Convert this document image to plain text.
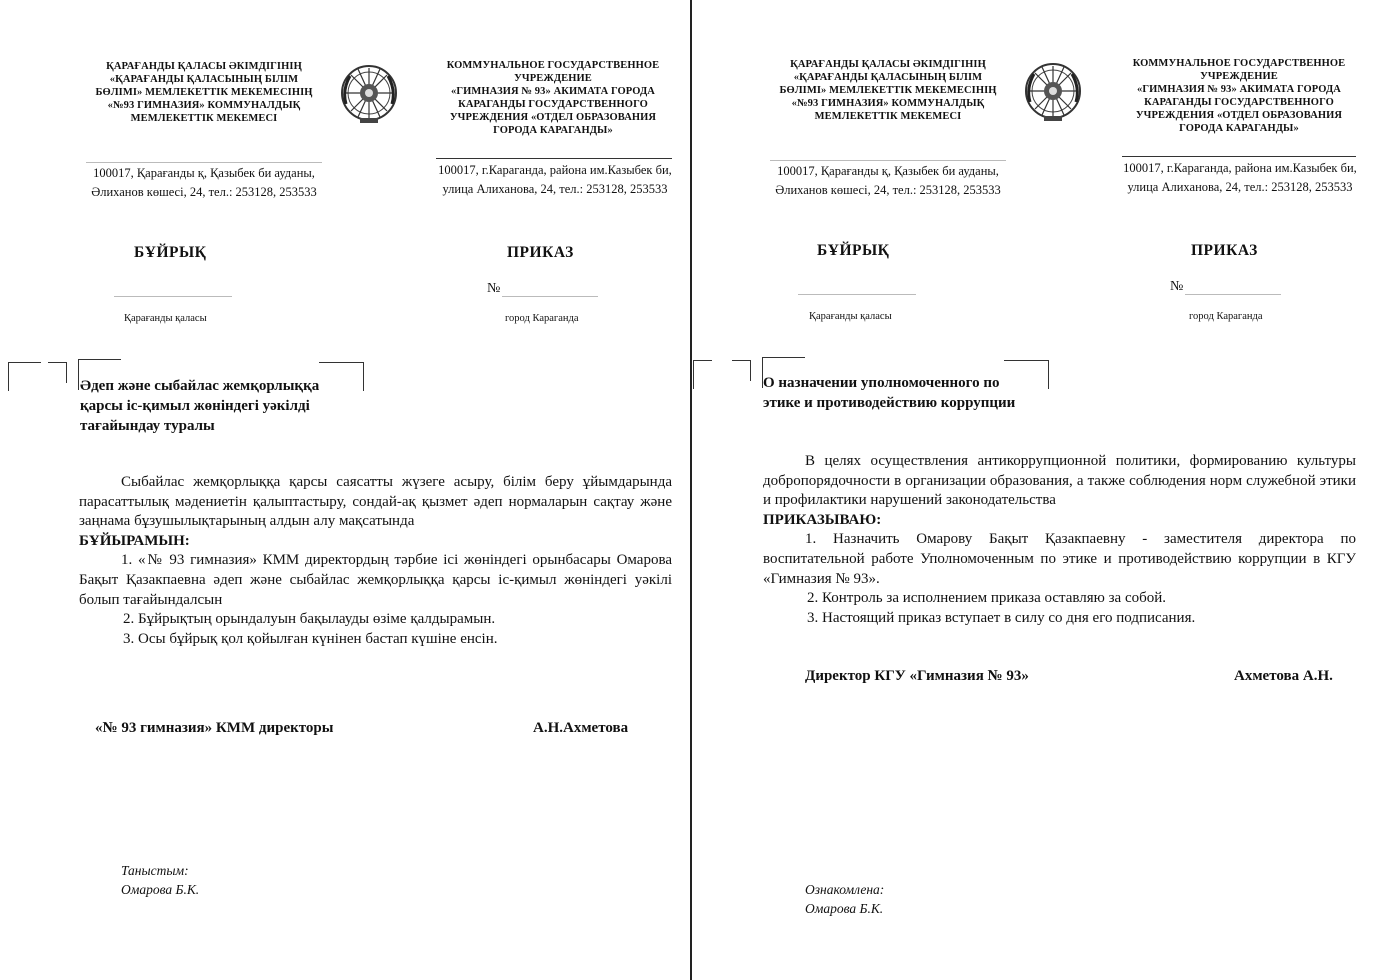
ҚАРАҒАНДЫ ҚАЛАСЫ ӘКІМДІГІНІҢ
«ҚАРАҒАНДЫ ҚАЛАСЫНЫҢ БІЛІМ
БӨЛІМІ» МЕМЛЕКЕТТІК МЕКЕМЕСІНІҢ
«№93 ГИМНАЗИЯ» КОММУНАЛДЫҚ
МЕМЛЕКЕТТІК МЕКЕМЕСІ
КОММУНАЛЬНОЕ ГОСУДАРСТВЕННОЕ
УЧРЕЖДЕНИЕ
«ГИМНАЗИЯ № 93» АКИМАТА ГОРОДА
КАРАГАНДЫ ГОСУДАРСТВЕННОГО
УЧРЕЖДЕНИЯ «ОТДЕЛ ОБРАЗОВАНИЯ
ГОРОДА КАРАГАНДЫ»
100017, Қарағанды қ, Қазыбек би ауданы,
Әлиханов көшесі, 24, тел.: 253128, 253533
100017, г.Караганда, района им.Казыбек би,
улица Алиханова, 24, тел.: 253128, 253533
БҰЙРЫҚ	ПРИКАЗ
№
Қарағанды қаласы	город Караганда
Әдеп және сыбайлас жемқорлыққа
қарсы іс-қимыл жөніндегі уәкілді
тағайындау туралы

Сыбайлас жемқорлыққа қарсы саясатты жүзеге асыру, білім беру ұйымдарында парасаттылық мәдениетін қалыптастыру, сондай-ақ қызмет әдеп нормаларын сақтау және заңнама бұзушылықтарының алдын алу мақсатында

БҰЙЫРАМЫН:

1. «№ 93 гимназия» КММ директордың тәрбие ісі жөніндегі орынбасары Омарова Бақыт Қазакпаевна әдеп және сыбайлас жемқорлыққа қарсы іс-қимыл жөніндегі уәкілі болып тағайындалсын

2. Бұйрықтың орындалуын бақылауды өзіме қалдырамын.

3. Осы бұйрық қол қойылған күнінен бастап күшіне енсін.

«№ 93 гимназия» КММ директоры	А.Н.Ахметова
Таныстым:
Омарова Б.К.
ҚАРАҒАНДЫ ҚАЛАСЫ ӘКІМДІГІНІҢ
«ҚАРАҒАНДЫ ҚАЛАСЫНЫҢ БІЛІМ
БӨЛІМІ» МЕМЛЕКЕТТІК МЕКЕМЕСІНІҢ
«№93 ГИМНАЗИЯ» КОММУНАЛДЫҚ
МЕМЛЕКЕТТІК МЕКЕМЕСІ
КОММУНАЛЬНОЕ ГОСУДАРСТВЕННОЕ
УЧРЕЖДЕНИЕ
«ГИМНАЗИЯ № 93» АКИМАТА ГОРОДА
КАРАГАНДЫ ГОСУДАРСТВЕННОГО
УЧРЕЖДЕНИЯ «ОТДЕЛ ОБРАЗОВАНИЯ
ГОРОДА КАРАГАНДЫ»
100017, Қарағанды қ, Қазыбек би ауданы,
Әлиханов көшесі, 24, тел.: 253128, 253533
100017, г.Караганда, района им.Казыбек би,
улица Алиханова, 24, тел.: 253128, 253533
БҰЙРЫҚ	ПРИКАЗ
№
Қарағанды қаласы	город Караганда
О назначении уполномоченного по
этике и противодействию коррупции

В целях осуществления антикоррупционной политики, формированию культуры добропорядочности в организации образования, а также соблюдения норм служебной этики и профилактики нарушений законодательства

ПРИКАЗЫВАЮ:

1. Назначить Омарову Бақыт Қазакпаевну - заместителя директора по воспитательной работе Уполномоченным по этике и противодействию коррупции в КГУ «Гимназия № 93».

2. Контроль за исполнением приказа оставляю за собой.

3. Настоящий приказ вступает в силу со дня его подписания.

Директор КГУ «Гимназия № 93»	Ахметова А.Н.
Ознакомлена:
Омарова Б.К.
